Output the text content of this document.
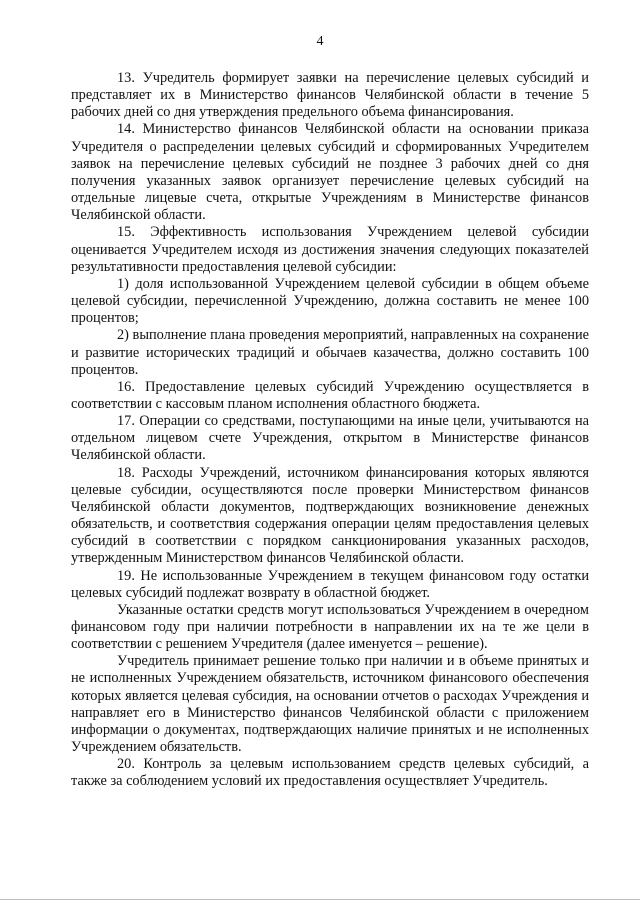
4

13. Учредитель формирует заявки на перечисление целевых субсидий и представляет их в Министерство финансов Челябинской области в течение 5 рабочих дней со дня утверждения предельного объема финансирования.

14. Министерство финансов Челябинской области на основании приказа Учредителя о распределении целевых субсидий и сформированных Учредителем заявок на перечисление целевых субсидий не позднее 3 рабочих дней со дня получения указанных заявок организует перечисление целевых субсидий на отдельные лицевые счета, открытые Учреждениям в Министерстве финансов Челябинской области.

15. Эффективность использования Учреждением целевой субсидии оценивается Учредителем исходя из достижения значения следующих показателей результативности предоставления целевой субсидии:

1) доля использованной Учреждением целевой субсидии в общем объеме целевой субсидии, перечисленной Учреждению, должна составить не менее 100 процентов;

2) выполнение плана проведения мероприятий, направленных на сохранение и развитие исторических традиций и обычаев казачества, должно составить 100 процентов.

16. Предоставление целевых субсидий Учреждению осуществляется в соответствии с кассовым планом исполнения областного бюджета.

17. Операции со средствами, поступающими на иные цели, учитываются на отдельном лицевом счете Учреждения, открытом в Министерстве финансов Челябинской области.

18. Расходы Учреждений, источником финансирования которых являются целевые субсидии, осуществляются после проверки Министерством финансов Челябинской области документов, подтверждающих возникновение денежных обязательств, и соответствия содержания операции целям предоставления целевых субсидий в соответствии с порядком санкционирования указанных расходов, утвержденным Министерством финансов Челябинской области.

19. Не использованные Учреждением в текущем финансовом году остатки целевых субсидий подлежат возврату в областной бюджет.

Указанные остатки средств могут использоваться Учреждением в очередном финансовом году при наличии потребности в направлении их на те же цели в соответствии с решением Учредителя (далее именуется – решение).

Учредитель принимает решение только при наличии и в объеме принятых и не исполненных Учреждением обязательств, источником финансового обеспечения которых является целевая субсидия, на основании отчетов о расходах Учреждения и направляет его в Министерство финансов Челябинской области с приложением информации о документах, подтверждающих наличие принятых и не исполненных Учреждением обязательств.

20. Контроль за целевым использованием средств целевых субсидий, а также за соблюдением условий их предоставления осуществляет Учредитель.
